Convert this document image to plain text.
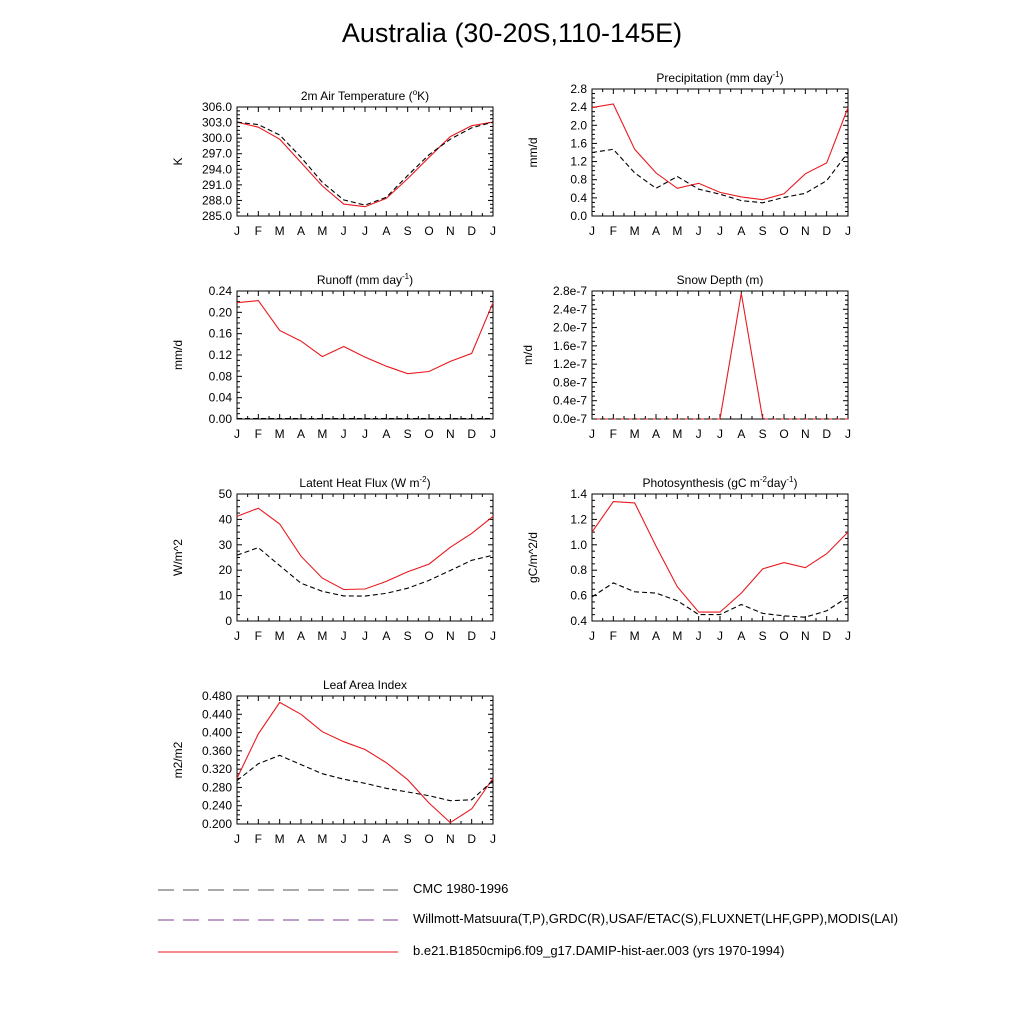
Australia (30-20S,110-145E)
J F M A M J J A S O N D J
285.0
288.0
291.0
294.0
297.0
300.0
303.0
306.0
K
2m Air Temperature ($^o$K)
J F M A M J J A S O N D J
0.0
0.4
0.8
1.2
1.6
2.0
2.4
2.8
mm/d
Precipitation (mm day$^{-1}$)
J F M A M J J A S O N D J
0.00
0.04
0.08
0.12
0.16
0.20
0.24
mm/d
Runoff (mm day$^{-1}$)
J F M A M J J A S O N D J
0.0e-7
0.4e-7
0.8e-7
1.2e-7
1.6e-7
2.0e-7
2.4e-7
2.8e-7
m/d
Snow Depth (m)
J F M A M J J A S O N D J
0
10
20
30
40
50
W/m^2
Latent Heat Flux (W $m^{-2}$)
J F M A M J J A S O N D J
0.4
0.6
0.8
1.0
1.2
1.4
gC/m^2/d
Photosynthesis (gC $m^{-2}day^{-1}$)
J F M A M J J A S O N D J
0.200
0.240
0.280
0.320
0.360
0.400
0.440
0.480
m2/m2
Leaf Area Index
CMC 1980-1996
Willmott-Matsuura(T,P),GRDC(R),USAF/ETAC(S),FLUXNET(LHF,GPP),MODIS(LAI)
b.e21.B1850cmip6.f09_g17.DAMIP-hist-aer.003 (yrs 1970-1994)
